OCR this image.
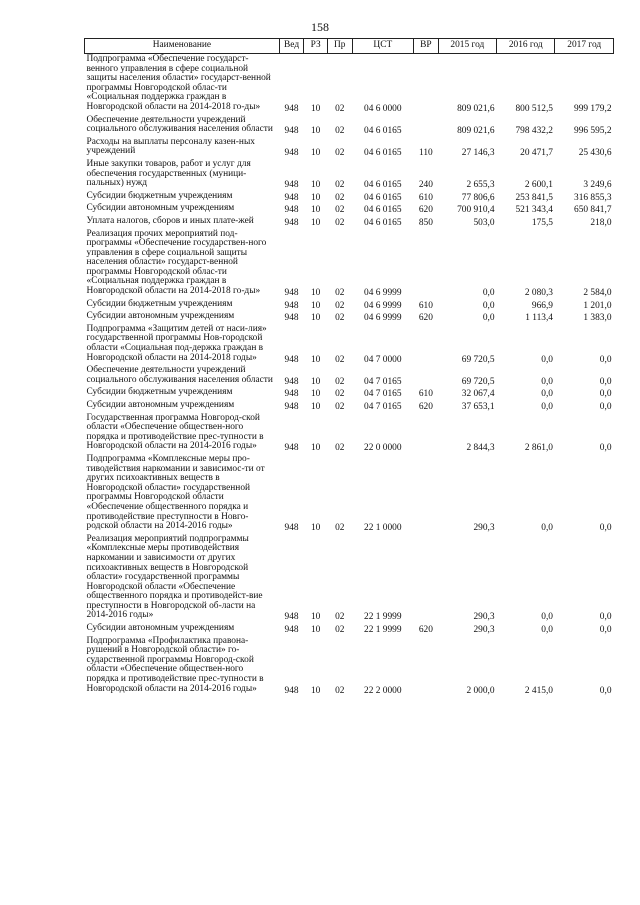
158
Наименование	Вед	РЗ	Пр	ЦСТ	ВР	2015 год	2016 год	2017 год
Подпрограмма «Обеспечение государст-венного управления в сфере социальной защиты населения области» государст-венной программы Новгородской облас-ти «Социальная поддержка граждан в Новгородской области на 2014-2018 го-ды»	948	10	02	04 6 0000		809 021,6	800 512,5	999 179,2
Обеспечение деятельности учреждений социального обслуживания населения области	948	10	02	04 6 0165		809 021,6	798 432,2	996 595,2
Расходы на выплаты персоналу казен-ных учреждений	948	10	02	04 6 0165	110	27 146,3	20 471,7	25 430,6
Иные закупки товаров, работ и услуг для обеспечения государственных (муници-пальных) нужд	948	10	02	04 6 0165	240	2 655,3	2 600,1	3 249,6
Субсидии бюджетным учреждениям	948	10	02	04 6 0165	610	77 806,6	253 841,5	316 855,3
Субсидии автономным учреждениям	948	10	02	04 6 0165	620	700 910,4	521 343,4	650 841,7
Уплата налогов, сборов и иных плате-жей	948	10	02	04 6 0165	850	503,0	175,5	218,0
Реализация прочих мероприятий под-программы «Обеспечение государствен-ного управления в сфере социальной защиты населения области» государст-венной программы Новгородской облас-ти «Социальная поддержка граждан в Новгородской области на 2014-2018 го-ды»	948	10	02	04 6 9999		0,0	2 080,3	2 584,0
Субсидии бюджетным учреждениям	948	10	02	04 6 9999	610	0,0	966,9	1 201,0
Субсидии автономным учреждениям	948	10	02	04 6 9999	620	0,0	1 113,4	1 383,0
Подпрограмма «Защитим детей от наси-лия» государственной программы Нов-городской области «Социальная под-держка граждан в Новгородской области на 2014-2018 годы»	948	10	02	04 7 0000		69 720,5	0,0	0,0
Обеспечение деятельности учреждений социального обслуживания населения области	948	10	02	04 7 0165		69 720,5	0,0	0,0
Субсидии бюджетным учреждениям	948	10	02	04 7 0165	610	32 067,4	0,0	0,0
Субсидии автономным учреждениям	948	10	02	04 7 0165	620	37 653,1	0,0	0,0
Государственная программа Новгород-ской области «Обеспечение обществен-ного порядка и противодействие прес-тупности в Новгородской области на 2014-2016 годы»	948	10	02	22 0 0000		2 844,3	2 861,0	0,0
Подпрограмма «Комплексные меры про-тиводействия наркомании и зависимос-ти от других психоактивных веществ в Новгородской области» государственной программы Новгородской области «Обеспечение общественного порядка и противодействие преступности в Новго-родской области на 2014-2016 годы»	948	10	02	22 1 0000		290,3	0,0	0,0
Реализация мероприятий подпрограммы «Комплексные меры противодействия наркомании и зависимости от других психоактивных веществ в Новгородской области» государственной программы Новгородской области «Обеспечение общественного порядка и противодейст-вие преступности в Новгородской об-ласти на 2014-2016 годы»	948	10	02	22 1 9999		290,3	0,0	0,0
Субсидии автономным учреждениям	948	10	02	22 1 9999	620	290,3	0,0	0,0
Подпрограмма «Профилактика правона-рушений в Новгородской области» го-сударственной программы Новгород-ской области «Обеспечение обществен-ного порядка и противодействие прес-тупности в Новгородской области на 2014-2016 годы»	948	10	02	22 2 0000		2 000,0	2 415,0	0,0
